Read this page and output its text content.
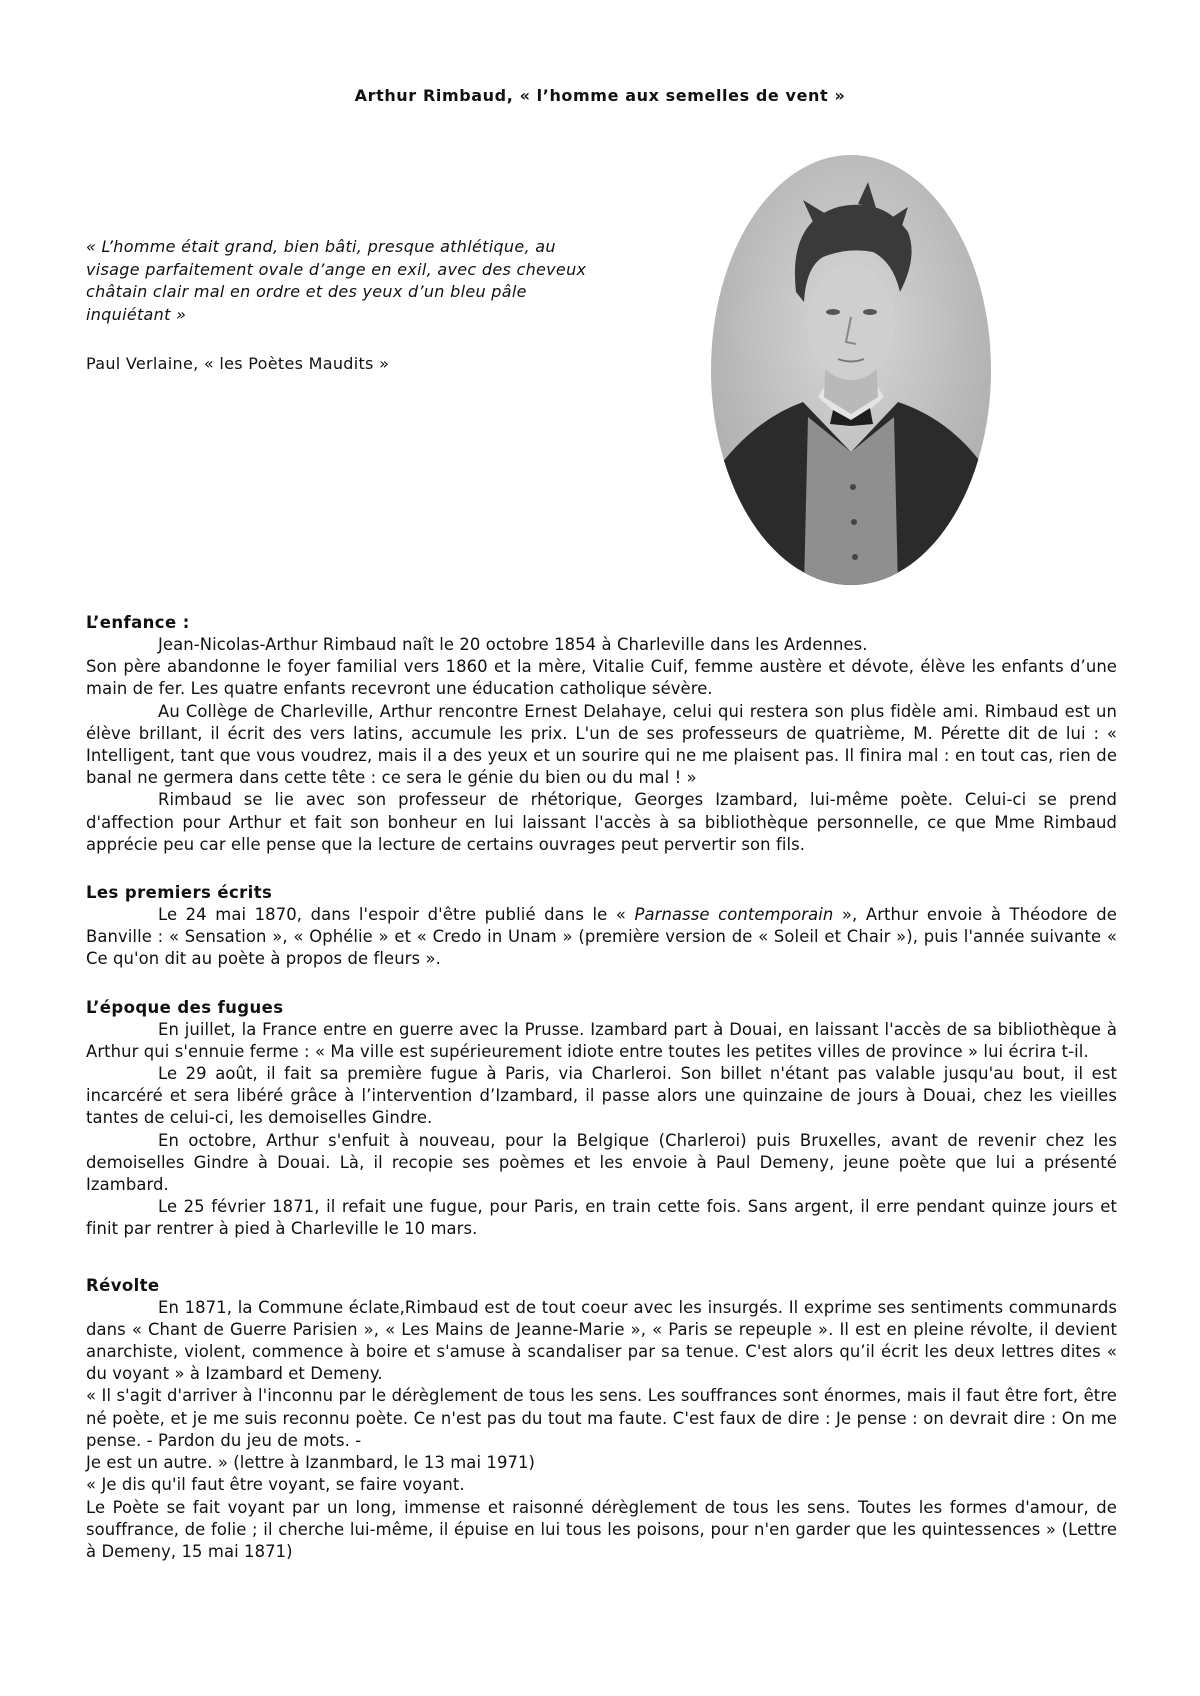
Arthur Rimbaud, « l’homme aux semelles de vent »
« L’homme était grand, bien bâti, presque athlétique, au visage parfaitement ovale d’ange en exil, avec des cheveux châtain clair mal en ordre et des yeux d’un bleu pâle inquiétant »
Paul Verlaine, « les Poètes Maudits »
L’enfance :

Jean-Nicolas-Arthur Rimbaud naît le 20 octobre 1854 à Charleville dans les Ardennes.

Son père abandonne le foyer familial vers 1860 et la mère, Vitalie Cuif, femme austère et dévote, élève les enfants d’une main de fer. Les quatre enfants recevront une éducation catholique sévère.

Au Collège de Charleville, Arthur rencontre Ernest Delahaye, celui qui restera son plus fidèle ami. Rimbaud est un élève brillant, il écrit des vers latins, accumule les prix. L'un de ses professeurs de quatrième, M. Pérette dit de lui : « Intelligent, tant que vous voudrez, mais il a des yeux et un sourire qui ne me plaisent pas. Il finira mal : en tout cas, rien de banal ne germera dans cette tête : ce sera le génie du bien ou du mal ! »

Rimbaud se lie avec son professeur de rhétorique, Georges Izambard, lui-même poète. Celui-ci se prend d'affection pour Arthur et fait son bonheur en lui laissant l'accès à sa bibliothèque personnelle, ce que Mme Rimbaud apprécie peu car elle pense que la lecture de certains ouvrages peut pervertir son fils.

Les premiers écrits

Le 24 mai 1870, dans l'espoir d'être publié dans le « Parnasse contemporain », Arthur envoie à Théodore de Banville : « Sensation », « Ophélie » et « Credo in Unam » (première version de « Soleil et Chair »), puis l'année suivante « Ce qu'on dit au poète à propos de fleurs ».

L’époque des fugues

En juillet, la France entre en guerre avec la Prusse. Izambard part à Douai, en laissant l'accès de sa bibliothèque à Arthur qui s'ennuie ferme : « Ma ville est supérieurement idiote entre toutes les petites villes de province » lui écrira t-il.

Le 29 août, il fait sa première fugue à Paris, via Charleroi. Son billet n'étant pas valable jusqu'au bout, il est incarcéré et sera libéré grâce à l’intervention d’Izambard, il passe alors une quinzaine de jours à Douai, chez les vieilles tantes de celui-ci, les demoiselles Gindre.

En octobre, Arthur s'enfuit à nouveau, pour la Belgique (Charleroi) puis Bruxelles, avant de revenir chez les demoiselles Gindre à Douai. Là, il recopie ses poèmes et les envoie à Paul Demeny, jeune poète que lui a présenté Izambard.

Le 25 février 1871, il refait une fugue, pour Paris, en train cette fois. Sans argent, il erre pendant quinze jours et finit par rentrer à pied à Charleville le 10 mars.

Révolte

En 1871, la Commune éclate,Rimbaud est de tout coeur avec les insurgés. Il exprime ses sentiments communards dans « Chant de Guerre Parisien », « Les Mains de Jeanne-Marie », « Paris se repeuple ». Il est en pleine révolte, il devient anarchiste, violent, commence à boire et s'amuse à scandaliser par sa tenue. C'est alors qu’il écrit les deux lettres dites « du voyant » à Izambard et Demeny.

« Il s'agit d'arriver à l'inconnu par le dérèglement de tous les sens. Les souffrances sont énormes, mais il faut être fort, être né poète, et je me suis reconnu poète. Ce n'est pas du tout ma faute. C'est faux de dire : Je pense : on devrait dire : On me pense. - Pardon du jeu de mots. -

Je est un autre. » (lettre à Izanmbard, le 13 mai 1971)

« Je dis qu'il faut être voyant, se faire voyant.

Le Poète se fait voyant par un long, immense et raisonné dérèglement de tous les sens. Toutes les formes d'amour, de souffrance, de folie ; il cherche lui-même, il épuise en lui tous les poisons, pour n'en garder que les quintessences » (Lettre à Demeny, 15 mai 1871)
